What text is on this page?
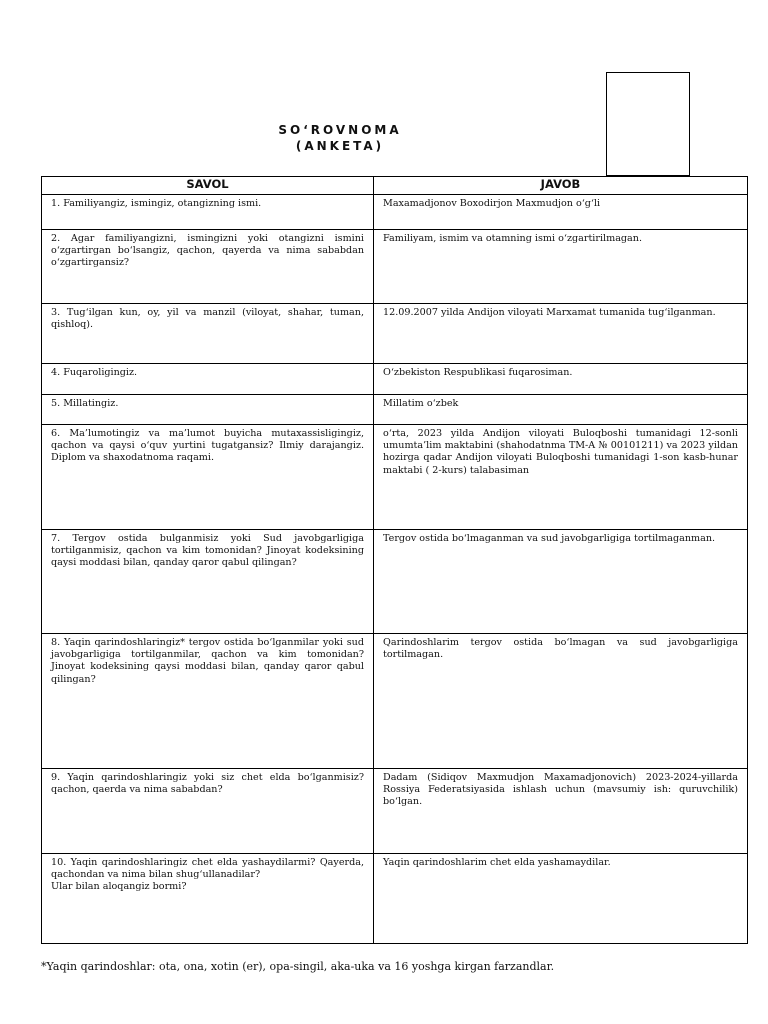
SO‘ROVNOMA
(ANKETA)
SAVOL	JAVOB
1. Familiyangiz, ismingiz, otangizning ismi.	Maxamadjonov Boxodirjon Maxmudjon o‘g‘li
2. Agar familiyangizni, ismingizni yoki otangizni ismini o‘zgartirgan bo‘lsangiz, qachon, qayerda va nima sababdan o‘zgartirgansiz?	Familiyam, ismim va otamning ismi o‘zgartirilmagan.
3. Tug‘ilgan kun, oy, yil va manzil (viloyat, shahar, tuman, qishloq).	12.09.2007 yilda Andijon viloyati Marxamat tumanida tug‘ilganman.
4. Fuqaroligingiz.	O‘zbekiston Respublikasi fuqarosiman.
5. Millatingiz.	Millatim o‘zbek
6. Ma’lumotingiz va ma’lumot buyicha mutaxassisligingiz, qachon va qaysi o‘quv yurtini tugatgansiz? Ilmiy darajangiz. Diplom va shaxodatnoma raqami.	o‘rta, 2023 yilda Andijon viloyati Buloqboshi tumanidagi 12-sonli umumta’lim maktabini (shahodatnma TM-A № 00101211) va 2023 yildan hozirga qadar Andijon viloyati Buloqboshi tumanidagi 1-son kasb-hunar maktabi ( 2-kurs) talabasiman
7. Tergov ostida bulganmisiz yoki Sud javobgarligiga tortilganmisiz, qachon va kim tomonidan? Jinoyat kodeksining qaysi moddasi bilan, qanday qaror qabul qilingan?	Tergov ostida bo‘lmaganman va sud javobgarligiga tortilmaganman.
8. Yaqin qarindoshlaringiz* tergov ostida bo‘lganmilar yoki sud javobgarligiga tortilganmilar, qachon va kim tomonidan? Jinoyat kodeksining qaysi moddasi bilan, qanday qaror qabul qilingan?	Qarindoshlarim tergov ostida bo‘lmagan va sud javobgarligiga tortilmagan.
9. Yaqin qarindoshlaringiz yoki siz chet elda bo‘lganmisiz? qachon, qaerda va nima sababdan?	Dadam (Sidiqov Maxmudjon Maxamadjonovich) 2023-2024-yillarda Rossiya Federatsiyasida ishlash uchun (mavsumiy ish: quruvchilik) bo‘lgan.
10. Yaqin qarindoshlaringiz chet elda yashaydilarmi? Qayerda, qachondan va nima bilan shug‘ullanadilar?
Ular bilan aloqangiz bormi?	Yaqin qarindoshlarim chet elda yashamaydilar.
*Yaqin qarindoshlar: ota, ona, xotin (er), opa-singil, aka-uka va 16 yoshga kirgan farzandlar.
